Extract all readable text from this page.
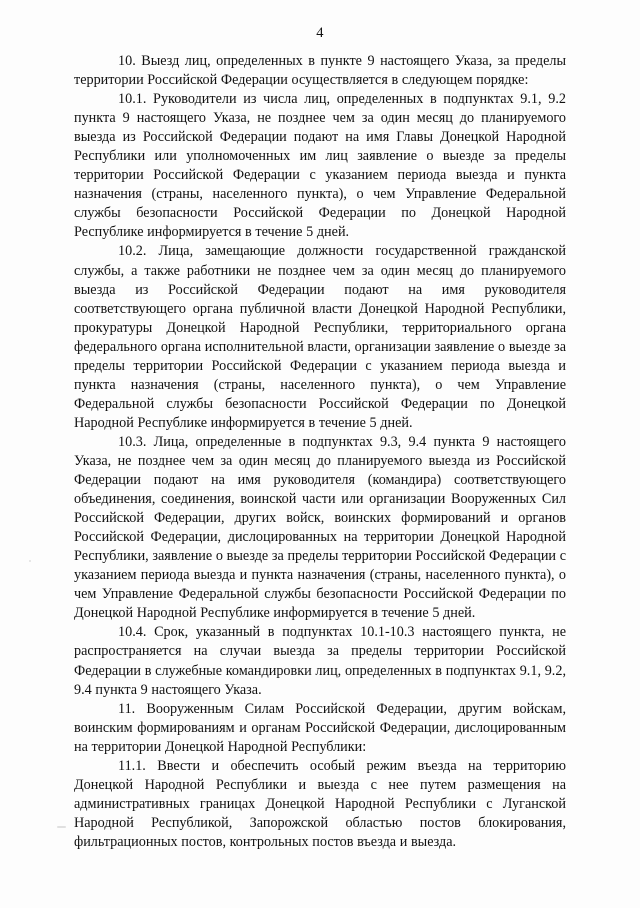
4

10. Выезд лиц, определенных в пункте 9 настоящего Указа, за пределы территории Российской Федерации осуществляется в следующем порядке:

10.1. Руководители из числа лиц, определенных в подпунктах 9.1, 9.2 пункта 9 настоящего Указа, не позднее чем за один месяц до планируемого выезда из Российской Федерации подают на имя Главы Донецкой Народной Республики или уполномоченных им лиц заявление о выезде за пределы территории Российской Федерации с указанием периода выезда и пункта назначения (страны, населенного пункта), о чем Управление Федеральной службы безопасности Российской Федерации по Донецкой Народной Республике информируется в течение 5 дней.

10.2. Лица, замещающие должности государственной гражданской службы, а также работники не позднее чем за один месяц до планируемого выезда из Российской Федерации подают на имя руководителя соответствующего органа публичной власти Донецкой Народной Республики, прокуратуры Донецкой Народной Республики, территориального органа федерального органа исполнительной власти, организации заявление о выезде за пределы территории Российской Федерации с указанием периода выезда и пункта назначения (страны, населенного пункта), о чем Управление Федеральной службы безопасности Российской Федерации по Донецкой Народной Республике информируется в течение 5 дней.

10.3. Лица, определенные в подпунктах 9.3, 9.4 пункта 9 настоящего Указа, не позднее чем за один месяц до планируемого выезда из Российской Федерации подают на имя руководителя (командира) соответствующего объединения, соединения, воинской части или организации Вооруженных Сил Российской Федерации, других войск, воинских формирований и органов Российской Федерации, дислоцированных на территории Донецкой Народной Республики, заявление о выезде за пределы территории Российской Федерации с указанием периода выезда и пункта назначения (страны, населенного пункта), о чем Управление Федеральной службы безопасности Российской Федерации по Донецкой Народной Республике информируется в течение 5 дней.

10.4. Срок, указанный в подпунктах 10.1-10.3 настоящего пункта, не распространяется на случаи выезда за пределы территории Российской Федерации в служебные командировки лиц, определенных в подпунктах 9.1, 9.2, 9.4 пункта 9 настоящего Указа.

11. Вооруженным Силам Российской Федерации, другим войскам, воинским формированиям и органам Российской Федерации, дислоцированным на территории Донецкой Народной Республики:

11.1. Ввести и обеспечить особый режим въезда на территорию Донецкой Народной Республики и выезда с нее путем размещения на административных границах Донецкой Народной Республики с Луганской Народной Республикой, Запорожской областью постов блокирования, фильтрационных постов, контрольных постов въезда и выезда.
